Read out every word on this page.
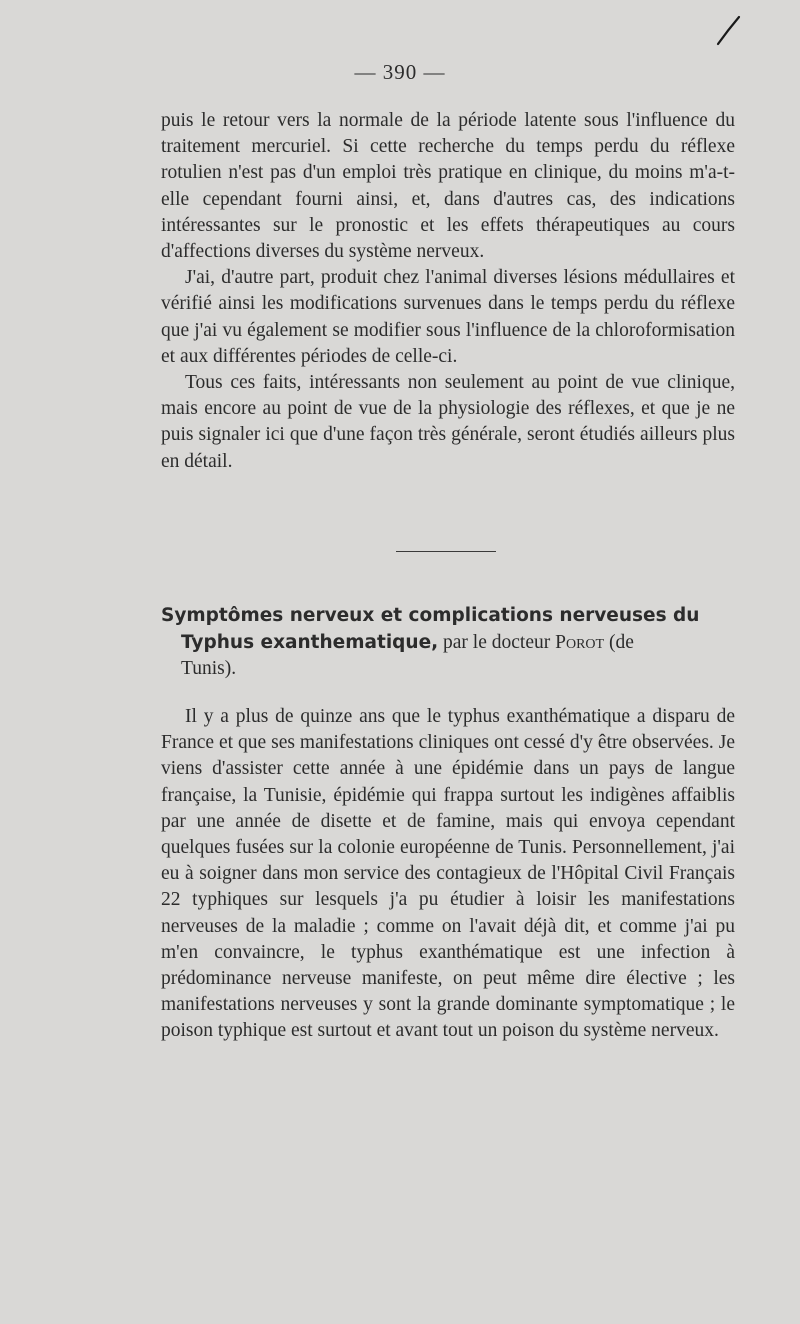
— 390 —

puis le retour vers la normale de la période latente sous l'influence du traitement mercuriel. Si cette recherche du temps perdu du réflexe rotulien n'est pas d'un emploi très pratique en clinique, du moins m'a-t-elle cependant fourni ainsi, et, dans d'autres cas, des indications intéressantes sur le pronostic et les effets thérapeutiques au cours d'affections diverses du système nerveux.

J'ai, d'autre part, produit chez l'animal diverses lésions médullaires et vérifié ainsi les modifications survenues dans le temps perdu du réflexe que j'ai vu également se modifier sous l'influence de la chloroformisation et aux différentes périodes de celle-ci.

Tous ces faits, intéressants non seulement au point de vue clinique, mais encore au point de vue de la physiologie des réflexes, et que je ne puis signaler ici que d'une façon très générale, seront étudiés ailleurs plus en détail.

Symptômes nerveux et complications nerveuses du
Typhus exanthematique, par le docteur Porot (de
Tunis).

Il y a plus de quinze ans que le typhus exanthématique a disparu de France et que ses manifestations cliniques ont cessé d'y être observées. Je viens d'assister cette année à une épidémie dans un pays de langue française, la Tunisie, épidémie qui frappa surtout les indigènes affaiblis par une année de disette et de famine, mais qui envoya cependant quelques fusées sur la colonie européenne de Tunis. Personnellement, j'ai eu à soigner dans mon service des contagieux de l'Hôpital Civil Français 22 typhiques sur lesquels j'a pu étudier à loisir les manifestations nerveuses de la maladie ; comme on l'avait déjà dit, et comme j'ai pu m'en convaincre, le typhus exanthématique est une infection à prédominance nerveuse manifeste, on peut même dire élective ; les manifestations nerveuses y sont la grande dominante symptomatique ; le poison typhique est surtout et avant tout un poison du système nerveux.
